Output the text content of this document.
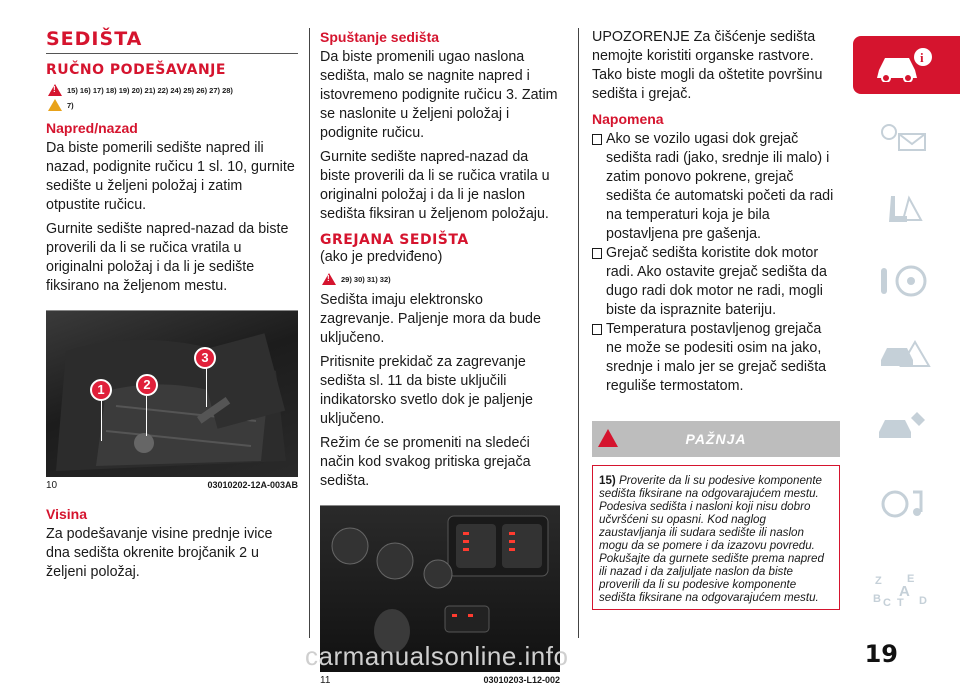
SEDIŠTA
RUČNO PODEŠAVANJE
!
15) 16) 17) 18) 19) 20) 21) 22) 24) 25) 26) 27) 28)
7)
Napred/nazad

Da biste pomerili sedište napred ili nazad, podignite ručicu 1 sl. 10, gurnite sedište u željeni položaj i zatim otpustite ručicu.

Gurnite sedište napred-nazad da biste proverili da li se ručica vratila u originalni položaj i da li je sedište fiksirano na željenom mestu.

1	2
3
10	03010202-12A-003AB
Visina

Za podešavanje visine prednje ivice dna sedišta okrenite brojčanik 2 u željeni položaj.

Spuštanje sedišta

Da biste promenili ugao naslona sedišta, malo se nagnite napred i istovremeno podignite ručicu 3. Zatim se naslonite u željeni položaj i podignite ručicu.

Gurnite sedište napred-nazad da biste proverili da li se ručica vratila u originalni položaj i da li je naslon sedišta fiksiran u željenom položaju.

GREJANA SEDIŠTA
(ako je predviđeno)
!
29) 30) 31) 32)

Sedišta imaju elektronsko zagrevanje. Paljenje mora da bude uključeno.

Pritisnite prekidač za zagrevanje sedišta sl. 11 da biste uključili indikatorsko svetlo dok je paljenje uključeno.

Režim će se promeniti na sledeći način kod svakog pritiska grejača sedišta.

11	03010203-L12-002

UPOZORENJE Za čišćenje sedišta nemojte koristiti organske rastvore. Tako biste mogli da oštetite površinu sedišta i grejač.

Napomena

Ako se vozilo ugasi dok grejač sedišta radi (jako, srednje ili malo) i zatim ponovo pokrene, grejač sedišta će automatski početi da radi na temperaturi koja je bila postavljena pre gašenja.

Grejač sedišta koristite dok motor radi. Ako ostavite grejač sedišta da dugo radi dok motor ne radi, mogli biste da ispraznite bateriju.

Temperatura postavljenog grejača ne može se podesiti osim na jako, srednje i malo jer se grejač sedišta reguliše termostatom.

PAŽNJA
15) Proverite da li su podesive komponente sedišta fiksirane na odgovarajućem mestu. Podesiva sedišta i nasloni koji nisu dobro učvršćeni su opasni. Kod naglog zaustavljanja ili sudara sedište ili naslon mogu da se pomere i da izazovu povredu. Pokušajte da gurnete sedište prema napred ili nazad i da zaljuljate naslon da biste proverili da li su podesive komponente sedišta fiksirane na odgovarajućem mestu.
i
Z E
B A
C T D
19
carmanualsonline.info
